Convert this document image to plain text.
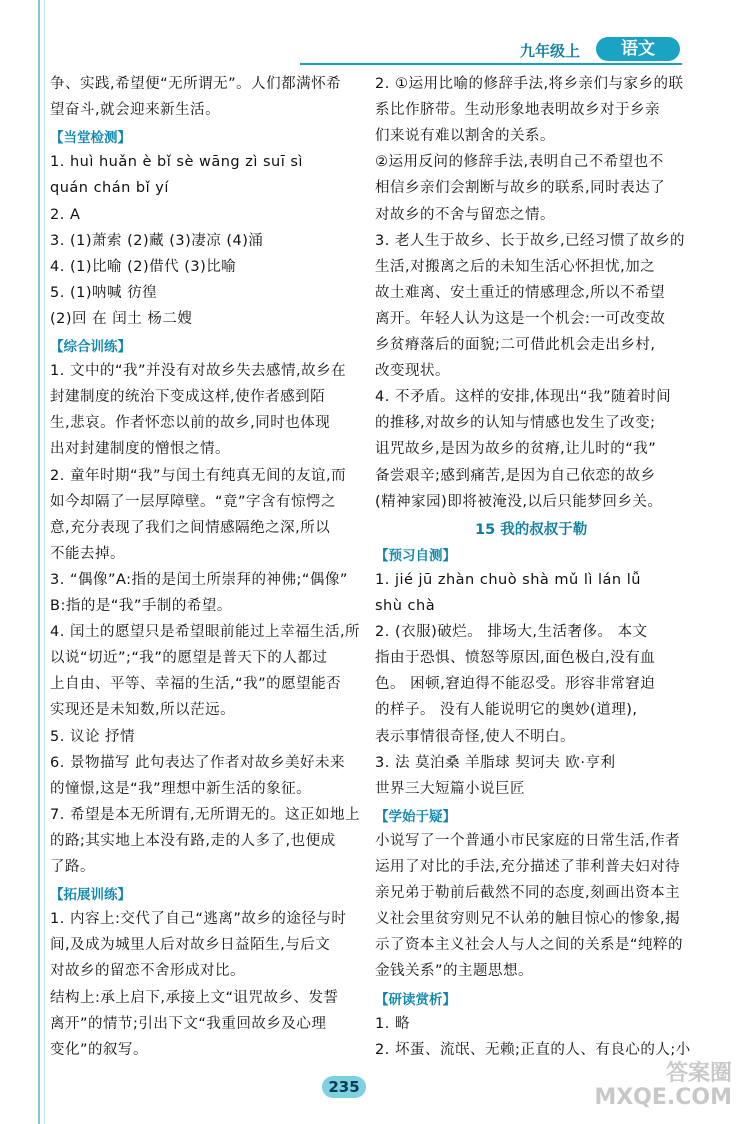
九年级上	语文
争、实践,希望便“无所谓无”。人们都满怀希
望奋斗,就会迎来新生活。
【 当堂检测 】
1. huì huǎn è bǐ sè wāng zì suī sì
quán chán bǐ yí
2. A
3. (1)萧索 (2)藏 (3)凄凉 (4)涌
4. (1)比喻 (2)借代 (3)比喻
5. (1)呐喊 彷徨
(2)回 在 闰土 杨二嫂
【 综合训练 】
1. 文中的“我”并没有对故乡失去感情,故乡在
封建制度的统治下变成这样,使作者感到陌
生,悲哀。作者怀恋以前的故乡,同时也体现
出对封建制度的憎恨之情。
2. 童年时期“我”与闰土有纯真无间的友谊,而
如今却隔了一层厚障壁。“竟”字含有惊愕之
意,充分表现了我们之间情感隔绝之深,所以
不能去掉。
3. “偶像”A:指的是闰土所崇拜的神佛;“偶像”
B:指的是“我”手制的希望。
4. 闰土的愿望只是希望眼前能过上幸福生活,所
以说“切近”;“我”的愿望是普天下的人都过
上自由、平等、幸福的生活,“我”的愿望能否
实现还是未知数,所以茫远。
5. 议论 抒情
6. 景物描写 此句表达了作者对故乡美好未来
的憧憬,这是“我”理想中新生活的象征。
7. 希望是本无所谓有,无所谓无的。这正如地上
的路;其实地上本没有路,走的人多了,也便成
了路。
【 拓展训练 】
1. 内容上:交代了自己“逃离”故乡的途径与时
间,及成为城里人后对故乡日益陌生,与后文
对故乡的留恋不舍形成对比。
结构上:承上启下,承接上文“诅咒故乡、发誓
离开”的情节;引出下文“我重回故乡及心理
变化”的叙写。
2. ①运用比喻的修辞手法,将乡亲们与家乡的联
系比作脐带。生动形象地表明故乡对于乡亲
们来说有难以割舍的关系。
②运用反问的修辞手法,表明自己不希望也不
相信乡亲们会割断与故乡的联系,同时表达了
对故乡的不舍与留恋之情。
3. 老人生于故乡、长于故乡,已经习惯了故乡的
生活,对搬离之后的未知生活心怀担忧,加之
故土难离、安土重迁的情感理念,所以不希望
离开。年轻人认为这是一个机会:一可改变故
乡贫瘠落后的面貌;二可借此机会走出乡村,
改变现状。
4. 不矛盾。这样的安排,体现出“我”随着时间
的推移,对故乡的认知与情感也发生了改变;
诅咒故乡,是因为故乡的贫瘠,让儿时的“我”
备尝艰辛;感到痛苦,是因为自己依恋的故乡
(精神家园)即将被淹没,以后只能梦回乡关。
15 我的叔叔于勒
【 预习自测 】
1. jié jū zhàn chuò shà mǔ lì lán lǚ
shù chà
2. (衣服)破烂。 排场大,生活奢侈。 本文
指由于恐惧、愤怒等原因,面色极白,没有血
色。 困顿,窘迫得不能忍受。形容非常窘迫
的样子。 没有人能说明它的奥妙(道理),
表示事情很奇怪,使人不明白。
3. 法 莫泊桑 羊脂球 契诃夫 欧·亨利
世界三大短篇小说巨匠
【 学始于疑 】
小说写了一个普通小市民家庭的日常生活,作者
运用了对比的手法,充分描述了菲利普夫妇对待
亲兄弟于勒前后截然不同的态度,刻画出资本主
义社会里贫穷则兄不认弟的触目惊心的惨象,揭
示了资本主义社会人与人之间的关系是“纯粹的
金钱关系”的主题思想。
【 研读赏析 】
1. 略
2. 坏蛋、流氓、无赖;正直的人、有良心的人;小
235
答案圈
MXQE.COM
